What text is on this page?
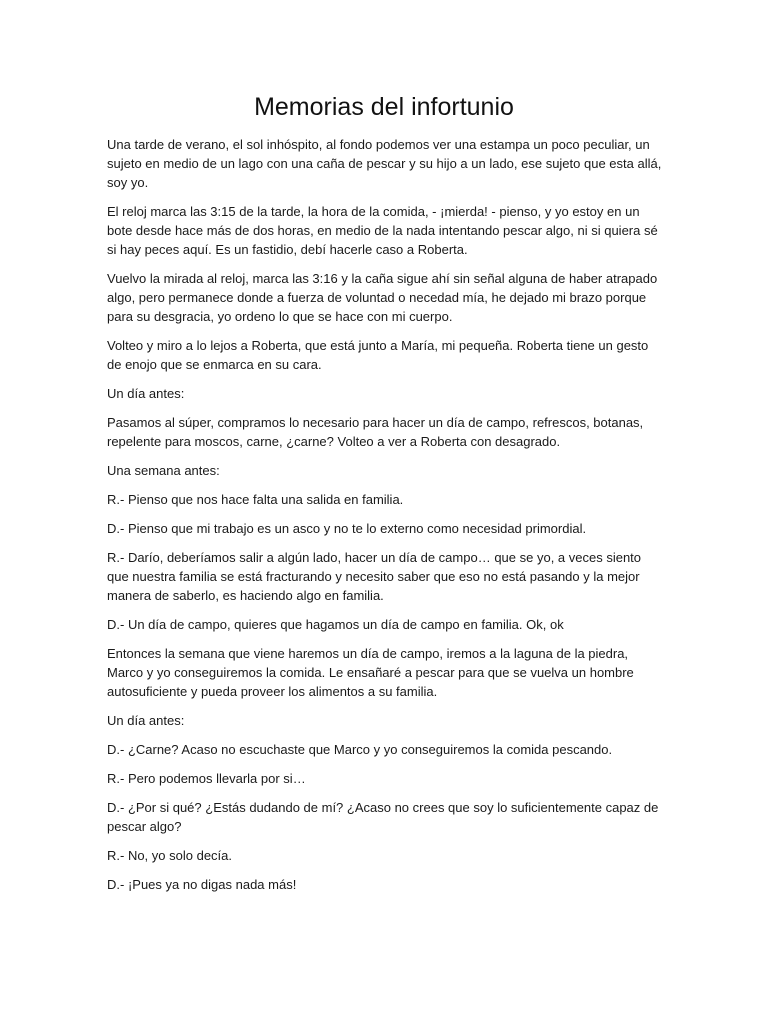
Memorias del infortunio

Una tarde de verano, el sol inhóspito, al fondo podemos ver una estampa un poco peculiar, un sujeto en medio de un lago con una caña de pescar y su hijo a un lado, ese sujeto que esta allá, soy yo.

El reloj marca las 3:15 de la tarde, la hora de la comida, - ¡mierda! - pienso, y yo estoy en un bote desde hace más de dos horas, en medio de la nada intentando pescar algo, ni si quiera sé si hay peces aquí. Es un fastidio, debí hacerle caso a Roberta.

Vuelvo la mirada al reloj, marca las 3:16 y la caña sigue ahí sin señal alguna de haber atrapado algo, pero permanece donde a fuerza de voluntad o necedad mía, he dejado mi brazo porque para su desgracia, yo ordeno lo que se hace con mi cuerpo.

Volteo y miro a lo lejos a Roberta, que está junto a María, mi pequeña. Roberta tiene un gesto de enojo que se enmarca en su cara.

Un día antes:

Pasamos al súper, compramos lo necesario para hacer un día de campo, refrescos, botanas, repelente para moscos, carne, ¿carne? Volteo a ver a Roberta con desagrado.

Una semana antes:

R.- Pienso que nos hace falta una salida en familia.

D.- Pienso que mi trabajo es un asco y no te lo externo como necesidad primordial.

R.- Darío, deberíamos salir a algún lado, hacer un día de campo… que se yo, a veces siento que nuestra familia se está fracturando y necesito saber que eso no está pasando y la mejor manera de saberlo, es haciendo algo en familia.

D.- Un día de campo, quieres que hagamos un día de campo en familia. Ok, ok

Entonces la semana que viene haremos un día de campo, iremos a la laguna de la piedra, Marco y yo conseguiremos la comida. Le ensañaré a pescar para que se vuelva un hombre autosuficiente y pueda proveer los alimentos a su familia.

Un día antes:

D.- ¿Carne? Acaso no escuchaste que Marco y yo conseguiremos la comida pescando.

R.- Pero podemos llevarla por si…

D.- ¿Por si qué? ¿Estás dudando de mí? ¿Acaso no crees que soy lo suficientemente capaz de pescar algo?

R.- No, yo solo decía.

D.- ¡Pues ya no digas nada más!
